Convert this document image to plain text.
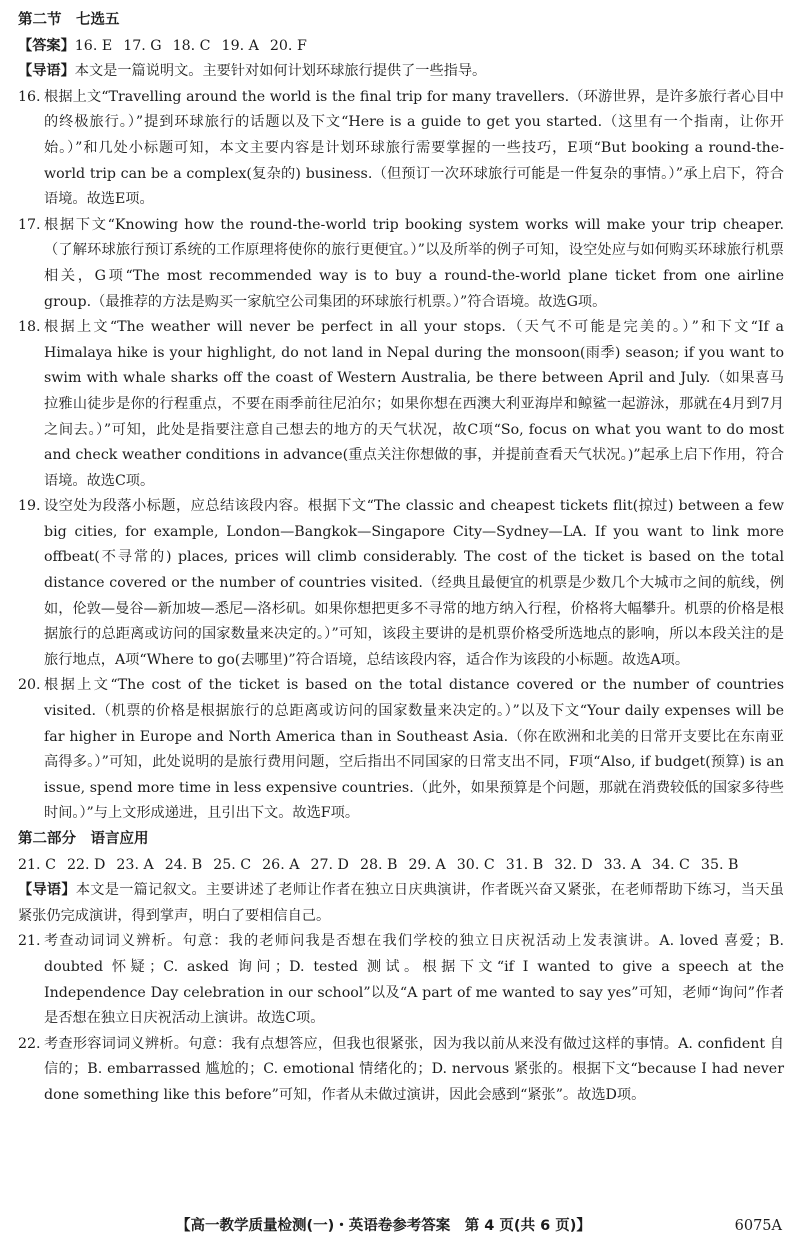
第二节　七选五

【答案】16. E 17. G 18. C 19. A 20. F

【导语】本文是一篇说明文。主要针对如何计划环球旅行提供了一些指导。

16. 根据上文“Travelling around the world is the final trip for many travellers.（环游世界，是许多旅行者心目中的终极旅行。）”提到环球旅行的话题以及下文“Here is a guide to get you started.（这里有一个指南，让你开始。）”和几处小标题可知，本文主要内容是计划环球旅行需要掌握的一些技巧，E项“But booking a round-the-world trip can be a complex(复杂的) business.（但预订一次环球旅行可能是一件复杂的事情。）”承上启下，符合语境。故选E项。
17. 根据下文“Knowing how the round-the-world trip booking system works will make your trip cheaper.（了解环球旅行预订系统的工作原理将使你的旅行更便宜。）”以及所举的例子可知，设空处应与如何购买环球旅行机票相关，G项“The most recommended way is to buy a round-the-world plane ticket from one airline group.（最推荐的方法是购买一家航空公司集团的环球旅行机票。）”符合语境。故选G项。
18. 根据上文“The weather will never be perfect in all your stops.（天气不可能是完美的。）”和下文“If a Himalaya hike is your highlight, do not land in Nepal during the monsoon(雨季) season; if you want to swim with whale sharks off the coast of Western Australia, be there between April and July.（如果喜马拉雅山徒步是你的行程重点，不要在雨季前往尼泊尔；如果你想在西澳大利亚海岸和鲸鲨一起游泳，那就在4月到7月之间去。）”可知，此处是指要注意自己想去的地方的天气状况，故C项“So, focus on what you want to do most and check weather conditions in advance(重点关注你想做的事，并提前查看天气状况。)”起承上启下作用，符合语境。故选C项。
19. 设空处为段落小标题，应总结该段内容。根据下文“The classic and cheapest tickets flit(掠过) between a few big cities, for example, London—Bangkok—Singapore City—Sydney—LA. If you want to link more offbeat(不寻常的) places, prices will climb considerably. The cost of the ticket is based on the total distance covered or the number of countries visited.（经典且最便宜的机票是少数几个大城市之间的航线，例如，伦敦—曼谷—新加坡—悉尼—洛杉矶。如果你想把更多不寻常的地方纳入行程，价格将大幅攀升。机票的价格是根据旅行的总距离或访问的国家数量来决定的。）”可知，该段主要讲的是机票价格受所选地点的影响，所以本段关注的是旅行地点，A项“Where to go(去哪里)”符合语境，总结该段内容，适合作为该段的小标题。故选A项。
20. 根据上文“The cost of the ticket is based on the total distance covered or the number of countries visited.（机票的价格是根据旅行的总距离或访问的国家数量来决定的。）”以及下文“Your daily expenses will be far higher in Europe and North America than in Southeast Asia.（你在欧洲和北美的日常开支要比在东南亚高得多。）”可知，此处说明的是旅行费用问题，空后指出不同国家的日常支出不同，F项“Also, if budget(预算) is an issue, spend more time in less expensive countries.（此外，如果预算是个问题，那就在消费较低的国家多待些时间。）”与上文形成递进，且引出下文。故选F项。

第二部分　语言应用

21. C 22. D 23. A 24. B 25. C 26. A 27. D 28. B 29. A 30. C 31. B 32. D 33. A 34. C 35. B

【导语】本文是一篇记叙文。主要讲述了老师让作者在独立日庆典演讲，作者既兴奋又紧张，在老师帮助下练习，当天虽紧张仍完成演讲，得到掌声，明白了要相信自己。

21. 考查动词词义辨析。句意：我的老师问我是否想在我们学校的独立日庆祝活动上发表演讲。A. loved 喜爱；B. doubted 怀疑；C. asked 询问；D. tested 测试。根据下文“if I wanted to give a speech at the Independence Day celebration in our school”以及“A part of me wanted to say yes”可知，老师“询问”作者是否想在独立日庆祝活动上演讲。故选C项。
22. 考查形容词词义辨析。句意：我有点想答应，但我也很紧张，因为我以前从来没有做过这样的事情。A. confident 自信的；B. embarrassed 尴尬的；C. emotional 情绪化的；D. nervous 紧张的。根据下文“because I had never done something like this before”可知，作者从未做过演讲，因此会感到“紧张”。故选D项。
【高一教学质量检测(一)・英语卷参考答案　第 4 页(共 6 页)】	6075A
